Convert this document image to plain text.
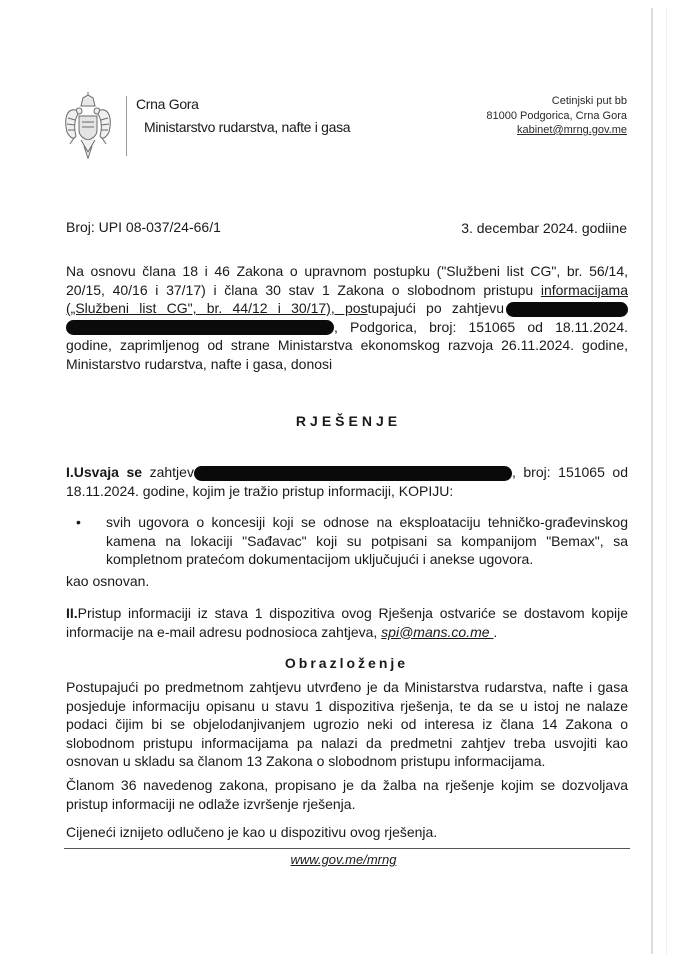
Crna Gora
Ministarstvo rudarstva, nafte i gasa
Cetinjski put bb
81000 Podgorica, Crna Gora
kabinet@mrng.gov.me
Broj: UPI 08-037/24-66/1	3. decembar 2024. godiine
Na osnovu člana 18 i 46 Zakona o upravnom postupku ("Službeni list CG", br. 56/14, 20/15, 40/16 i 37/17) i člana 30 stav 1 Zakona o slobodnom pristupu informacijama („Službeni list CG", br. 44/12 i 30/17), postupajući po zahtjevu , Podgorica, broj: 151065 od 18.11.2024. godine, zaprimljenog od strane Ministarstva ekonomskog razvoja 26.11.2024. godine, Ministarstvo rudarstva, nafte i gasa, donosi
RJEŠENJE
I.Usvaja se zahtjev	, broj: 151065 od 18.11.2024. godine, kojim je tražio pristup informaciji, KOPIJU:
•	svih ugovora o koncesiji koji se odnose na eksploataciju tehničko-građevinskog kamena na lokaciji "Sađavac" koji su potpisani sa kompanijom "Bemax", sa kompletnom pratećom dokumentacijom uključujući i anekse ugovora.
kao osnovan.
II.Pristup informaciji iz stava 1 dispozitiva ovog Rješenja ostvariće se dostavom kopije informacije na e-mail adresu podnosioca zahtjeva, spi@mans.co.me .
Obrazloženje
Postupajući po predmetnom zahtjevu utvrđeno je da Ministarstva rudarstva, nafte i gasa posjeduje informaciju opisanu u stavu 1 dispozitiva rješenja, te da se u istoj ne nalaze podaci čijim bi se objelodanjivanjem ugrozio neki od interesa iz člana 14 Zakona o slobodnom pristupu informacijama pa nalazi da predmetni zahtjev treba usvojiti kao osnovan u skladu sa članom 13 Zakona o slobodnom pristupu informacijama.
Članom 36 navedenog zakona, propisano je da žalba na rješenje kojim se dozvoljava pristup informaciji ne odlaže izvršenje rješenja.
Cijeneći iznijeto odlučeno je kao u dispozitivu ovog rješenja.
www.gov.me/mrng
